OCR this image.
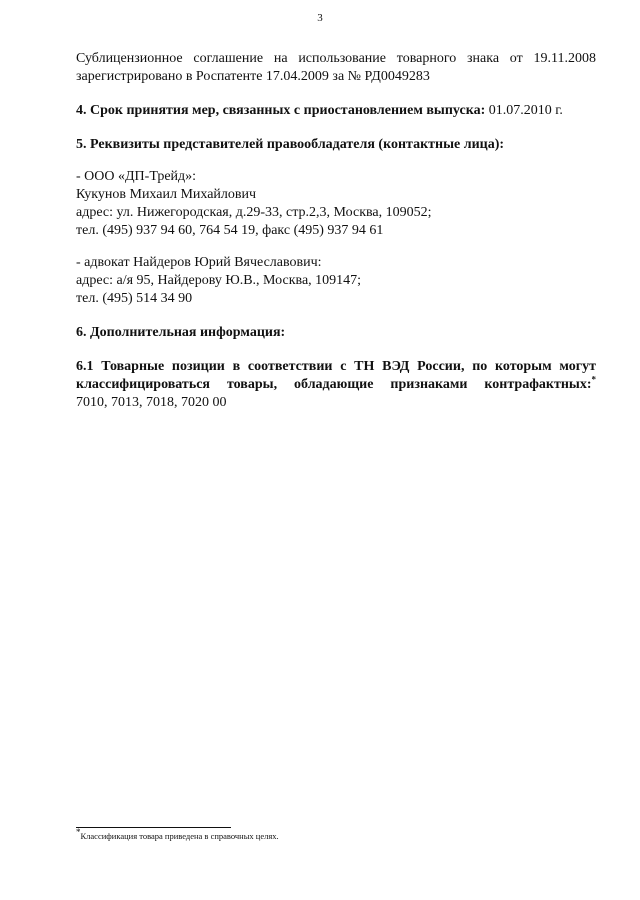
3

Сублицензионное соглашение на использование товарного знака от 19.11.2008

зарегистрировано в Роспатенте 17.04.2009 за № РД0049283

4. Срок принятия мер, связанных с приостановлением выпуска: 01.07.2010 г.

5. Реквизиты представителей правообладателя (контактные лица):

- ООО «ДП-Трейд»:

Кукунов Михаил Михайлович

адрес: ул. Нижегородская, д.29-33, стр.2,3, Москва, 109052;

тел. (495) 937 94 60, 764 54 19, факс (495) 937 94 61

- адвокат Найдеров Юрий Вячеславович:

адрес: а/я 95, Найдерову Ю.В., Москва, 109147;

тел. (495) 514 34 90

6. Дополнительная информация:

6.1 Товарные позиции в соответствии с ТН ВЭД России, по которым могут

классифицироваться товары, обладающие признаками контрафактных:*

7010, 7013, 7018, 7020 00

*Классификация товара приведена в справочных целях.
